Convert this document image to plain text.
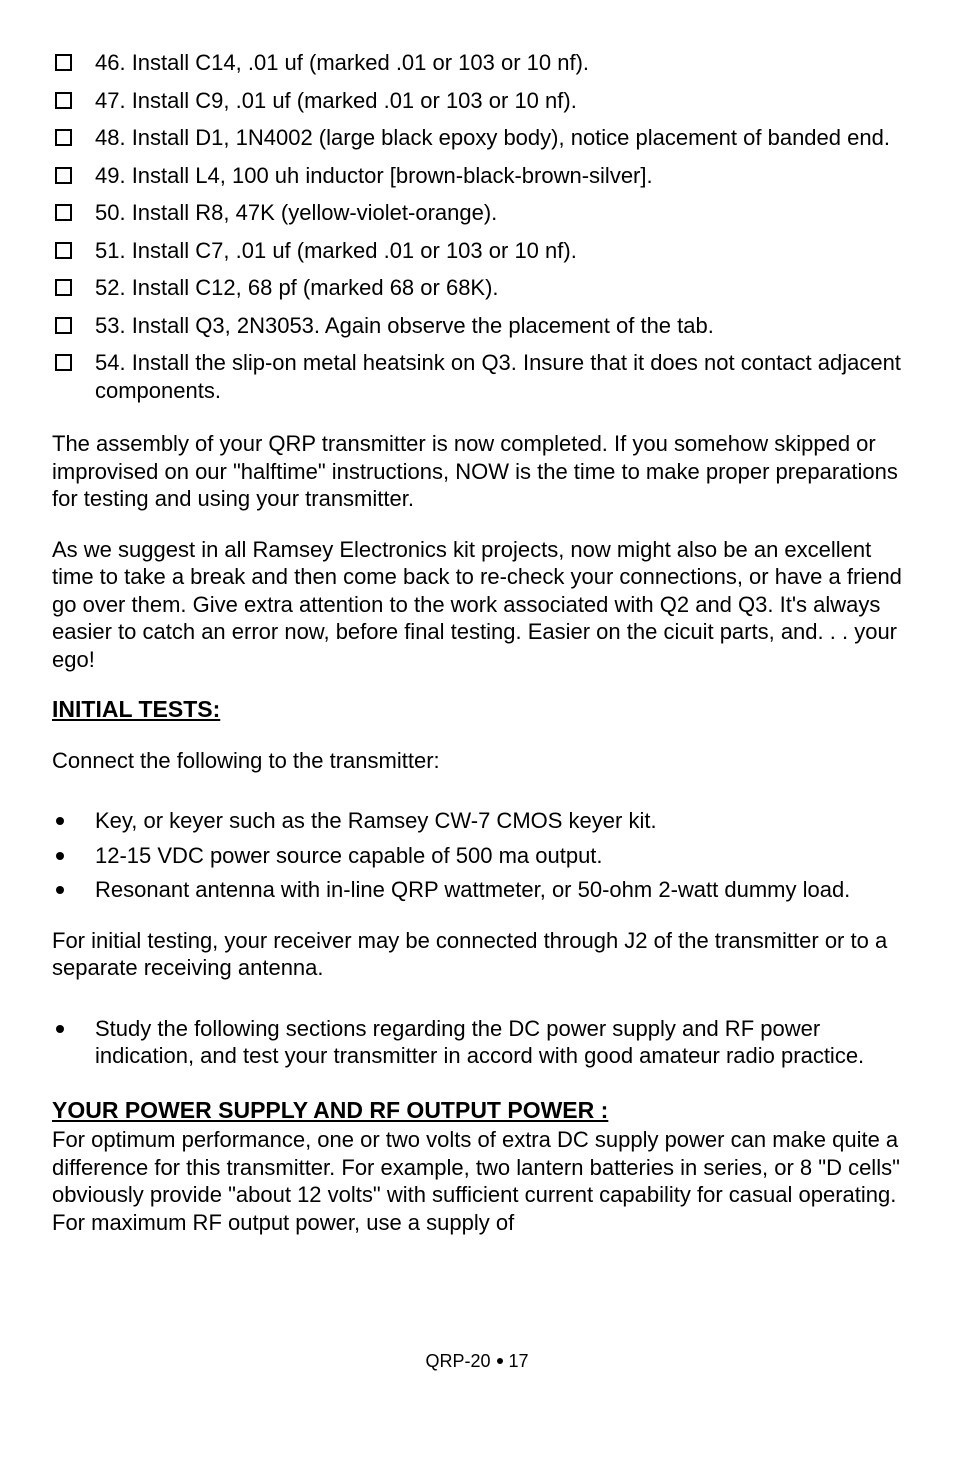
46. Install C14, .01 uf (marked .01 or 103 or 10 nf).
47. Install C9, .01 uf (marked .01 or 103 or 10 nf).
48. Install D1, 1N4002 (large black epoxy body), notice placement of banded end.
49. Install L4, 100 uh inductor [brown-black-brown-silver].
50. Install R8, 47K (yellow-violet-orange).
51. Install C7, .01 uf (marked .01 or 103 or 10 nf).
52. Install C12, 68 pf (marked 68 or 68K).
53. Install Q3, 2N3053. Again observe the placement of the tab.
54. Install the slip-on metal heatsink on Q3. Insure that it does not contact adjacent components.

The assembly of your QRP transmitter is now completed. If you somehow skipped or improvised on our "halftime" instructions, NOW is the time to make proper preparations for testing and using your transmitter.

As we suggest in all Ramsey Electronics kit projects, now might also be an excellent time to take a break and then come back to re-check your connections, or have a friend go over them. Give extra attention to the work associated with Q2 and Q3. It's always easier to catch an error now, before final testing. Easier on the cicuit parts, and. . . your ego!

INITIAL TESTS:

Connect the following to the transmitter:

Key, or keyer such as the Ramsey CW-7 CMOS keyer kit.
12-15 VDC power source capable of 500 ma output.
Resonant antenna with in-line QRP wattmeter, or 50-ohm 2-watt dummy load.

For initial testing, your receiver may be connected through J2 of the transmitter or to a separate receiving antenna.

Study the following sections regarding the DC power supply and RF power indication, and test your transmitter in accord with good amateur radio practice.
YOUR POWER SUPPLY AND RF OUTPUT POWER :

For optimum performance, one or two volts of extra DC supply power can make quite a difference for this transmitter. For example, two lantern batteries in series, or 8 "D cells" obviously provide "about 12 volts" with sufficient current capability for casual operating. For maximum RF output power, use a supply of

QRP-20 17
